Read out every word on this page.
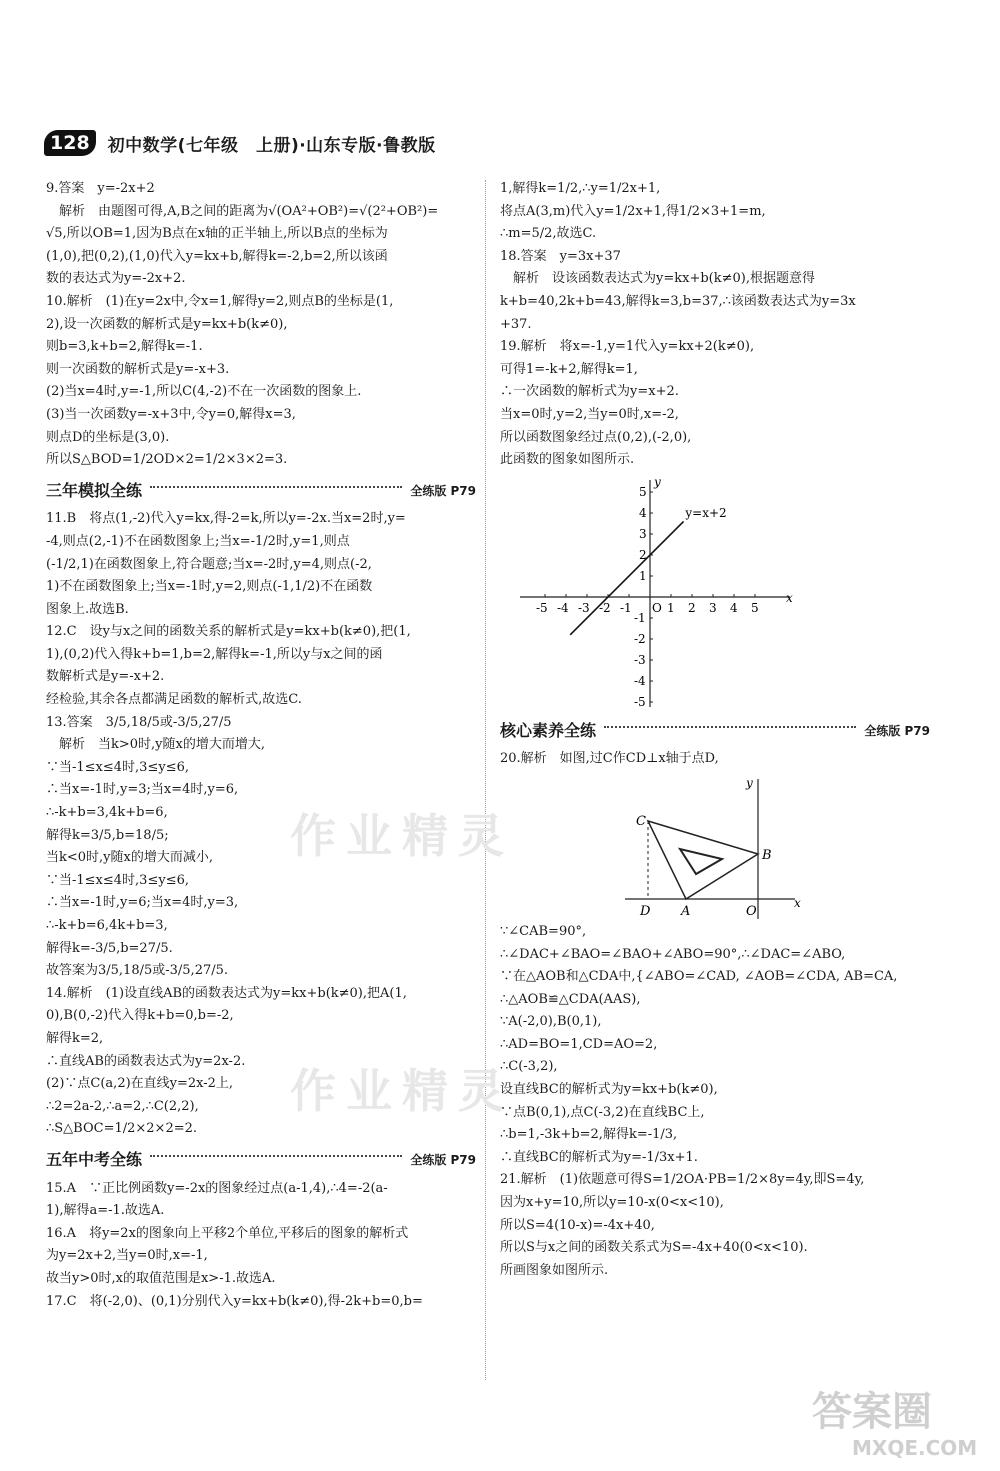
128	初中数学(七年级　上册)·山东专版·鲁教版
作业精灵
作业精灵

9.答案　y=-2x+2

　解析　由题图可得,A,B之间的距离为√(OA²+OB²)=√(2²+OB²)=

√5,所以OB=1,因为B点在x轴的正半轴上,所以B点的坐标为

(1,0),把(0,2),(1,0)代入y=kx+b,解得k=-2,b=2,所以该函

数的表达式为y=-2x+2.

10.解析　(1)在y=2x中,令x=1,解得y=2,则点B的坐标是(1,

2),设一次函数的解析式是y=kx+b(k≠0),

则b=3,k+b=2,解得k=-1.

则一次函数的解析式是y=-x+3.

(2)当x=4时,y=-1,所以C(4,-2)不在一次函数的图象上.

(3)当一次函数y=-x+3中,令y=0,解得x=3,

则点D的坐标是(3,0).

所以S△BOD=1/2OD×2=1/2×3×2=3.

三年模拟全练	全练版 P79

11.B　将点(1,-2)代入y=kx,得-2=k,所以y=-2x.当x=2时,y=

-4,则点(2,-1)不在函数图象上;当x=-1/2时,y=1,则点

(-1/2,1)在函数图象上,符合题意;当x=-2时,y=4,则点(-2,

1)不在函数图象上;当x=-1时,y=2,则点(-1,1/2)不在函数

图象上.故选B.

12.C　设y与x之间的函数关系的解析式是y=kx+b(k≠0),把(1,

1),(0,2)代入得k+b=1,b=2,解得k=-1,所以y与x之间的函

数解析式是y=-x+2.

经检验,其余各点都满足函数的解析式,故选C.

13.答案　3/5,18/5或-3/5,27/5

　解析　当k>0时,y随x的增大而增大,

∵当-1≤x≤4时,3≤y≤6,

∴当x=-1时,y=3;当x=4时,y=6,

∴-k+b=3,4k+b=6,

解得k=3/5,b=18/5;

当k<0时,y随x的增大而减小,

∵当-1≤x≤4时,3≤y≤6,

∴当x=-1时,y=6;当x=4时,y=3,

∴-k+b=6,4k+b=3,

解得k=-3/5,b=27/5.

故答案为3/5,18/5或-3/5,27/5.

14.解析　(1)设直线AB的函数表达式为y=kx+b(k≠0),把A(1,

0),B(0,-2)代入得k+b=0,b=-2,

解得k=2,

∴直线AB的函数表达式为y=2x-2.

(2)∵点C(a,2)在直线y=2x-2上,

∴2=2a-2,∴a=2,∴C(2,2),

∴S△BOC=1/2×2×2=2.

五年中考全练	全练版 P79

15.A　∵正比例函数y=-2x的图象经过点(a-1,4),∴4=-2(a-

1),解得a=-1.故选A.

16.A　将y=2x的图象向上平移2个单位,平移后的图象的解析式

为y=2x+2,当y=0时,x=-1,

故当y>0时,x的取值范围是x>-1.故选A.

17.C　将(-2,0)、(0,1)分别代入y=kx+b(k≠0),得-2k+b=0,b=

1,解得k=1/2,∴y=1/2x+1,

将点A(3,m)代入y=1/2x+1,得1/2×3+1=m,

∴m=5/2,故选C.

18.答案　y=3x+37

　解析　设该函数表达式为y=kx+b(k≠0),根据题意得

k+b=40,2k+b=43,解得k=3,b=37,∴该函数表达式为y=3x

+37.

19.解析　将x=-1,y=1代入y=kx+2(k≠0),

可得1=-k+2,解得k=1,

∴一次函数的解析式为y=x+2.

当x=0时,y=2,当y=0时,x=-2,

所以函数图象经过点(0,2),(-2,0),

此函数的图象如图所示.

-5 -4 -3 -2 -1 O 1 2 3 4 5
5
4
3
2
1
-1
-2
-3
-4
-5
x
y
y=x+2
核心素养全练	全练版 P79

20.解析　如图,过C作CD⊥x轴于点D,

C
B
D A	O
x
y

∵∠CAB=90°,

∴∠DAC+∠BAO=∠BAO+∠ABO=90°,∴∠DAC=∠ABO,

∵在△AOB和△CDA中,{∠ABO=∠CAD, ∠AOB=∠CDA, AB=CA,

∴△AOB≌△CDA(AAS),

∵A(-2,0),B(0,1),

∴AD=BO=1,CD=AO=2,

∴C(-3,2),

设直线BC的解析式为y=kx+b(k≠0),

∵点B(0,1),点C(-3,2)在直线BC上,

∴b=1,-3k+b=2,解得k=-1/3,

∴直线BC的解析式为y=-1/3x+1.

21.解析　(1)依题意可得S=1/2OA·PB=1/2×8y=4y,即S=4y,

因为x+y=10,所以y=10-x(0<x<10),

所以S=4(10-x)=-4x+40,

所以S与x之间的函数关系式为S=-4x+40(0<x<10).

所画图象如图所示.

答案圈
MXQE.COM
